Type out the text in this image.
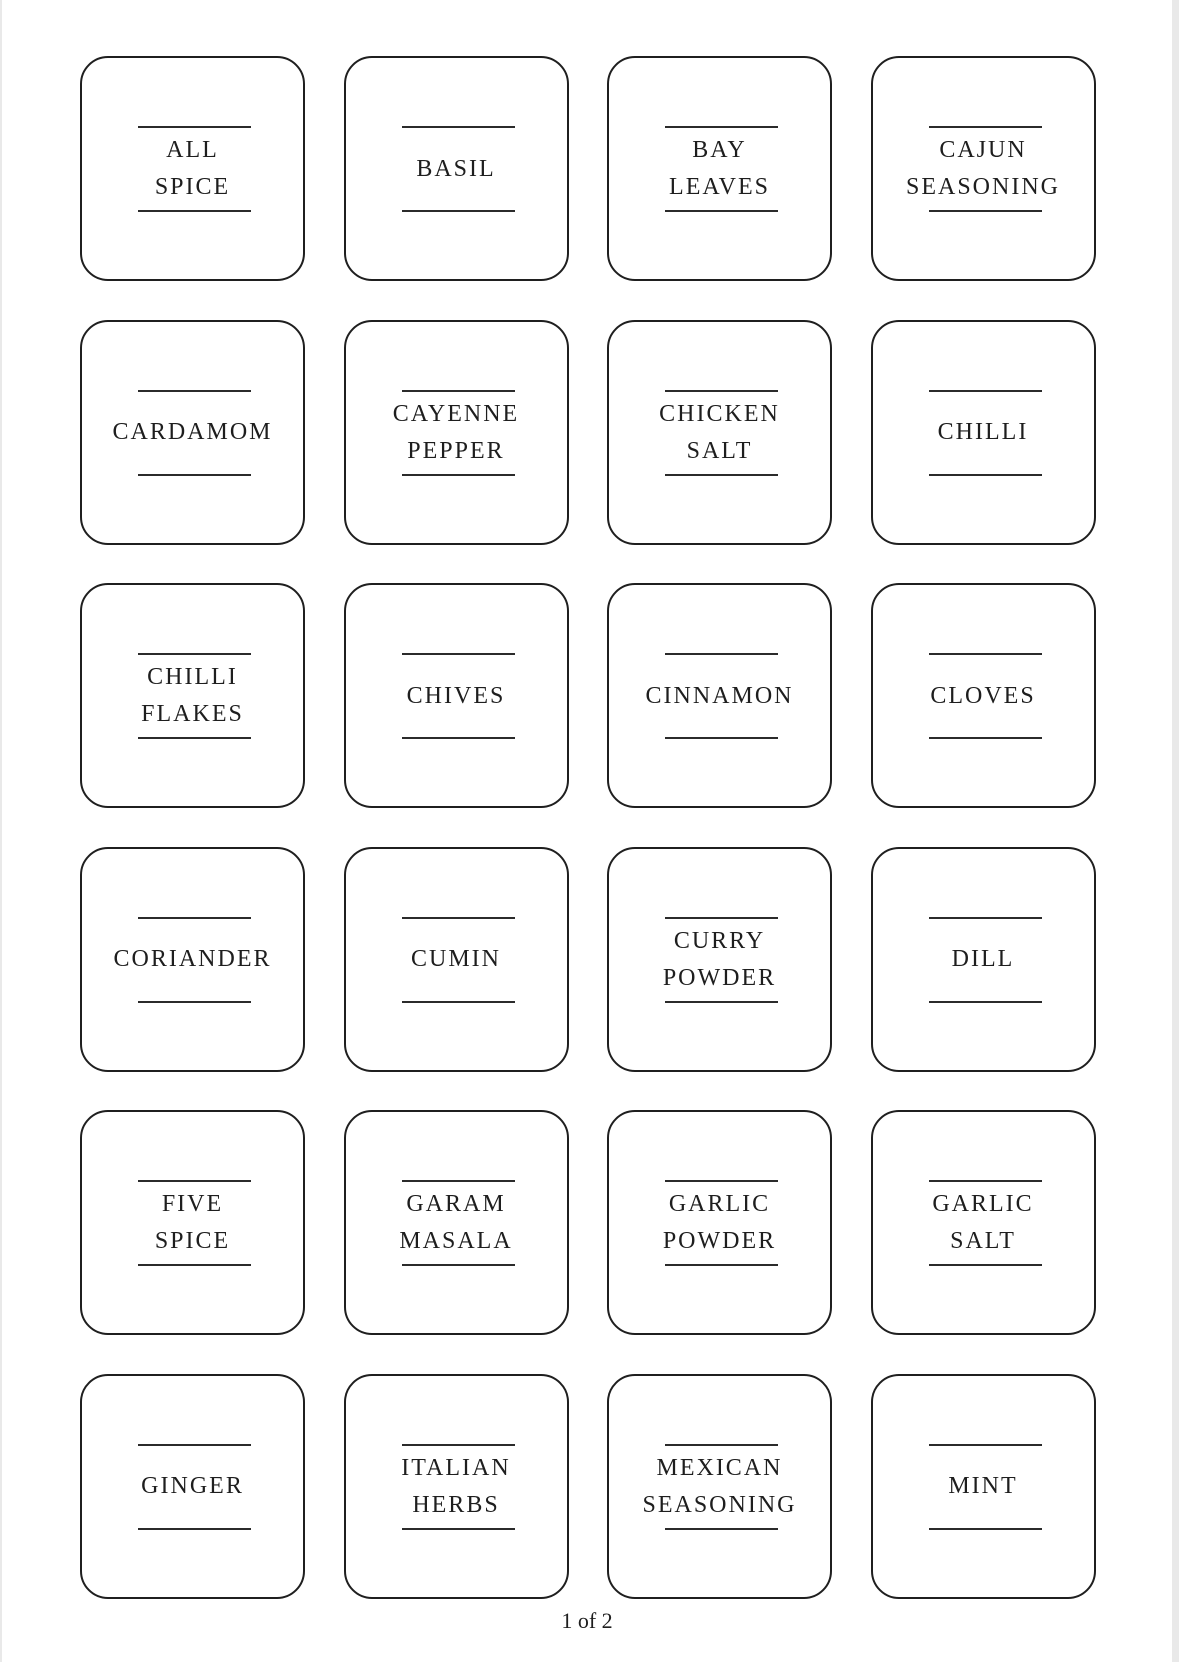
ALL
SPICE
BASIL
BAY
LEAVES
CAJUN
SEASONING
CARDAMOM
CAYENNE
PEPPER
CHICKEN
SALT
CHILLI
CHILLI
FLAKES
CHIVES	CINNAMON	CLOVES
CORIANDER	CUMIN
CURRY
POWDER
DILL
FIVE
SPICE
GARAM
MASALA
GARLIC
POWDER
GARLIC
SALT
GINGER
ITALIAN
HERBS
MEXICAN
SEASONING
MINT
1 of 2
